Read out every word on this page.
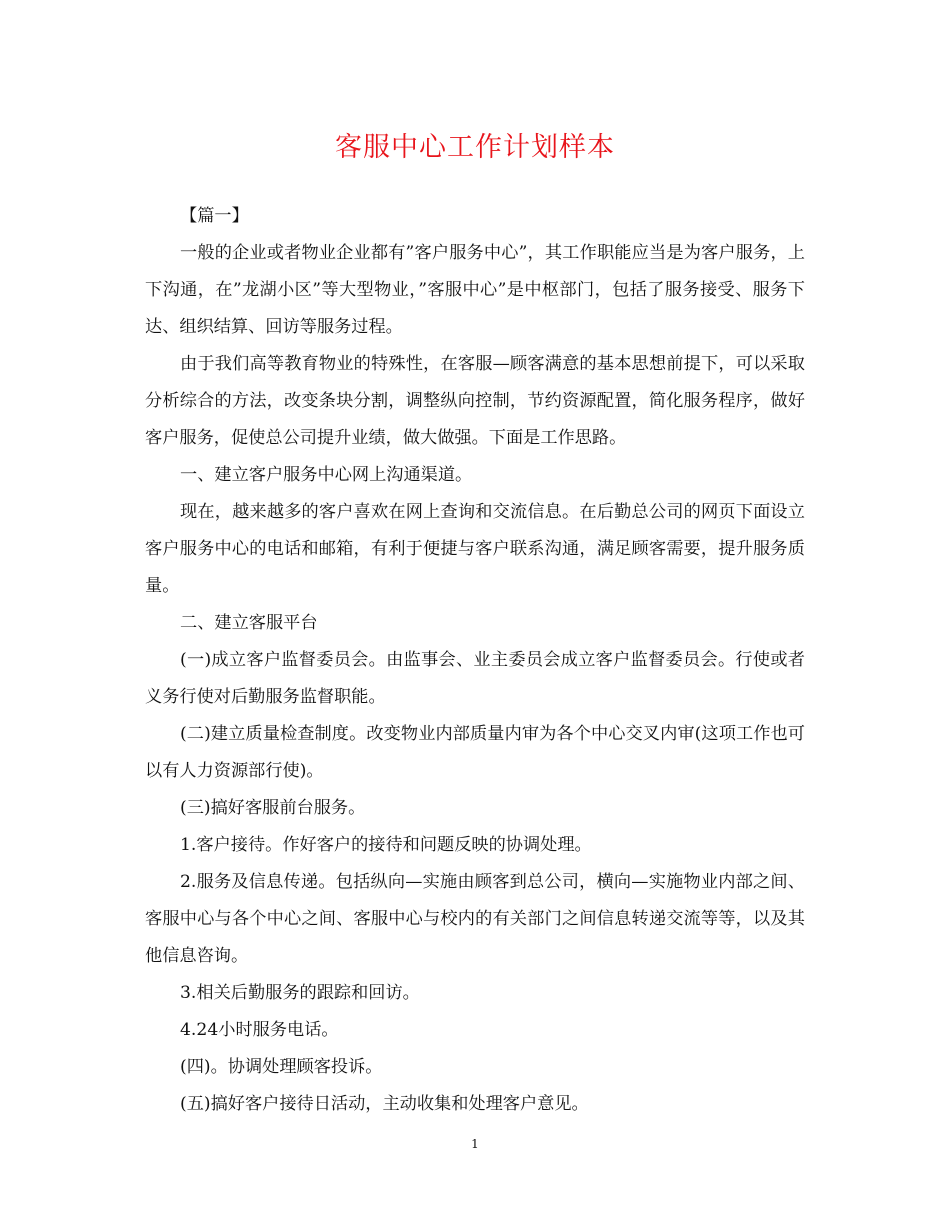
客服中心工作计划样本

【篇一】

一般的企业或者物业企业都有”客户服务中心”，其工作职能应当是为客户服务，上下沟通，在”龙湖小区”等大型物业，”客服中心”是中枢部门，包括了服务接受、服务下达、组织结算、回访等服务过程。

由于我们高等教育物业的特殊性，在客服—顾客满意的基本思想前提下，可以采取分析综合的方法，改变条块分割，调整纵向控制，节约资源配置，简化服务程序，做好客户服务，促使总公司提升业绩，做大做强。下面是工作思路。

一、建立客户服务中心网上沟通渠道。

现在，越来越多的客户喜欢在网上查询和交流信息。在后勤总公司的网页下面设立客户服务中心的电话和邮箱，有利于便捷与客户联系沟通，满足顾客需要，提升服务质量。

二、建立客服平台

(一)成立客户监督委员会。由监事会、业主委员会成立客户监督委员会。行使或者义务行使对后勤服务监督职能。

(二)建立质量检查制度。改变物业内部质量内审为各个中心交叉内审(这项工作也可以有人力资源部行使)。

(三)搞好客服前台服务。

1.客户接待。作好客户的接待和问题反映的协调处理。

2.服务及信息传递。包括纵向—实施由顾客到总公司，横向—实施物业内部之间、客服中心与各个中心之间、客服中心与校内的有关部门之间信息转递交流等等，以及其他信息咨询。

3.相关后勤服务的跟踪和回访。

4.24小时服务电话。

(四)。协调处理顾客投诉。

(五)搞好客户接待日活动，主动收集和处理客户意见。

1
